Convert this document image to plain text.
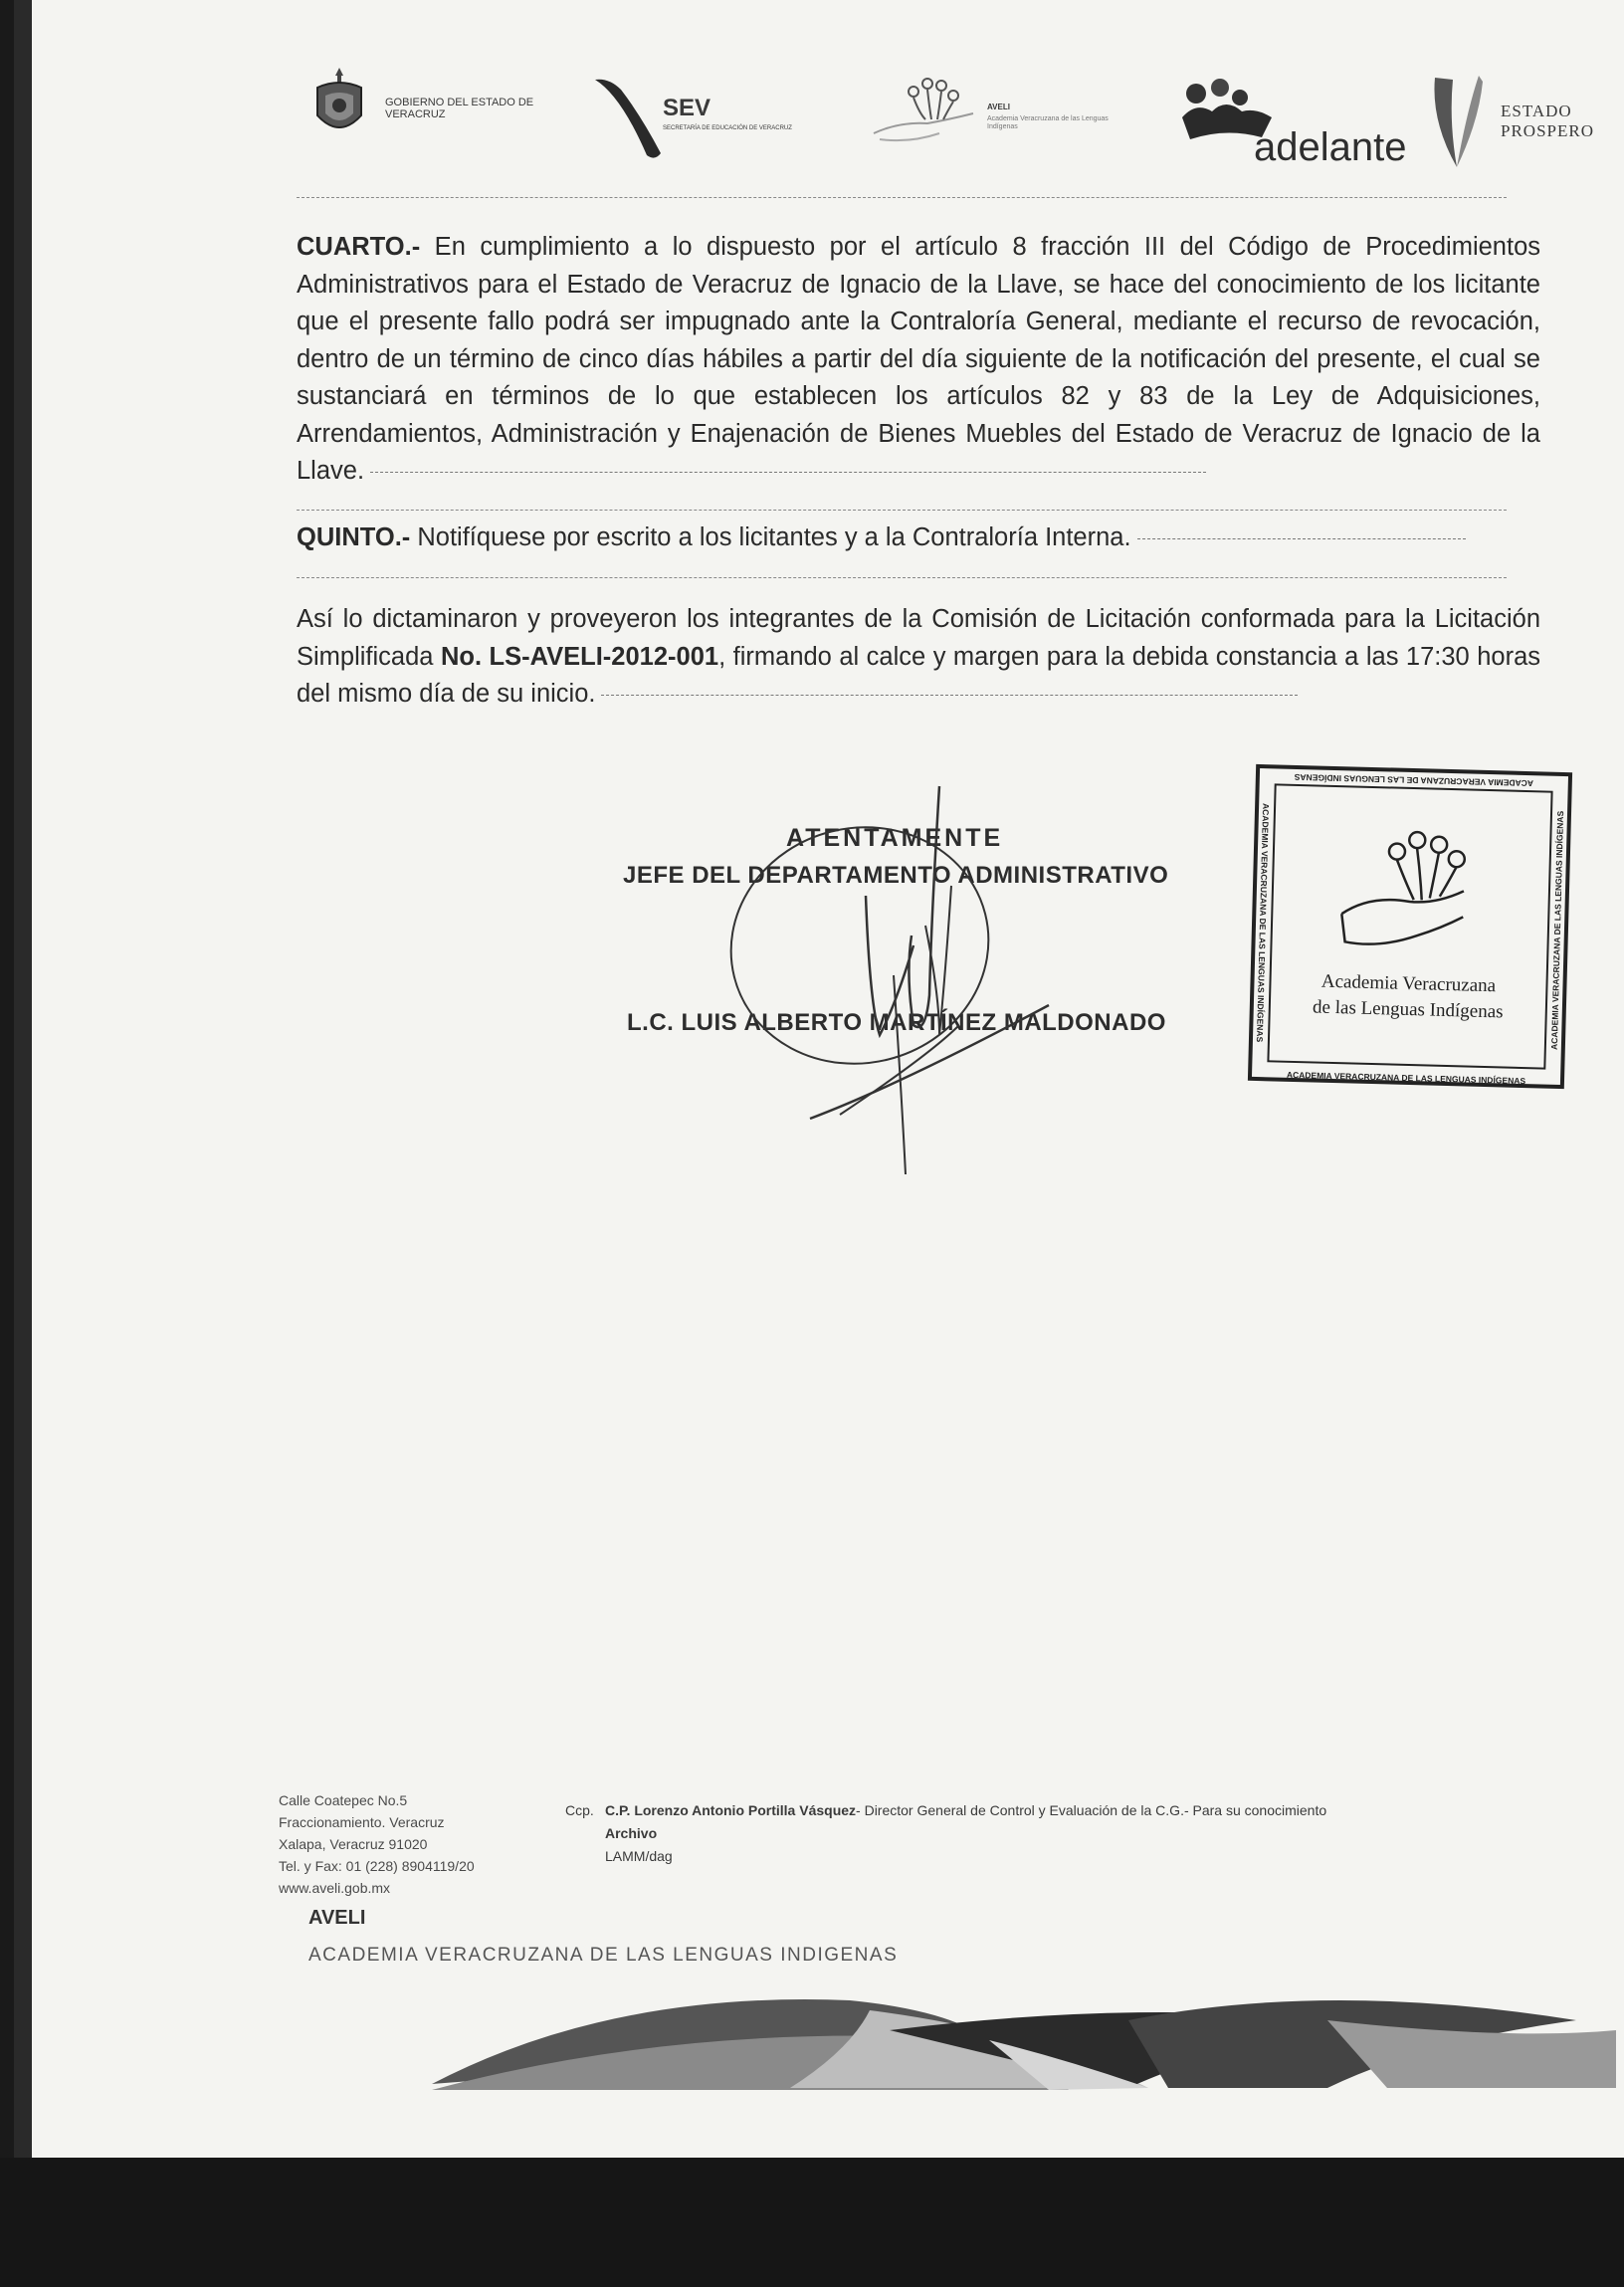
GOBIERNO DEL ESTADO DE VERACRUZ	SEV
SECRETARÍA DE EDUCACIÓN DE VERACRUZ
AVELI
Academia Veracruzana de las Lenguas Indígenas	adelante
ESTADO
PROSPERO

CUARTO.- En cumplimiento a lo dispuesto por el artículo 8 fracción III del Código de Procedimientos Administrativos para el Estado de Veracruz de Ignacio de la Llave, se hace del conocimiento de los licitante que el presente fallo podrá ser impugnado ante la Contraloría General, mediante el recurso de revocación, dentro de un término de cinco días hábiles a partir del día siguiente de la notificación del presente, el cual se sustanciará en términos de lo que establecen los artículos 82 y 83 de la Ley de Adquisiciones, Arrendamientos, Administración y Enajenación de Bienes Muebles del Estado de Veracruz de Ignacio de la Llave.

QUINTO.- Notifíquese por escrito a los licitantes y a la Contraloría Interna.

Así lo dictaminaron y proveyeron los integrantes de la Comisión de Licitación conformada para la Licitación Simplificada No. LS-AVELI-2012-001, firmando al calce y margen para la debida constancia a las 17:30 horas del mismo día de su inicio.

ATENTAMENTE
JEFE DEL DEPARTAMENTO ADMINISTRATIVO
L.C. LUIS ALBERTO MARTÍNEZ MALDONADO
ACADEMIA VERACRUZANA DE LAS LENGUAS INDÍGENAS
ACADEMIA VERACRUZANA DE LAS LENGUAS INDÍGENAS
ACADEMIA VERACRUZANA DE LAS LENGUAS INDÍGENAS	ACADEMIA VERACRUZANA DE LAS LENGUAS INDÍGENAS
Academia Veracruzana
de las Lenguas Indígenas
Calle Coatepec No.5
Fraccionamiento. Veracruz
Xalapa, Veracruz 91020
Tel. y Fax: 01 (228) 8904119/20
www.aveli.gob.mx
Ccp. C.P. Lorenzo Antonio Portilla Vásquez- Director General de Control y Evaluación de la C.G.- Para su conocimiento
Archivo
LAMM/dag
AVELI
ACADEMIA VERACRUZANA DE LAS LENGUAS INDIGENAS
